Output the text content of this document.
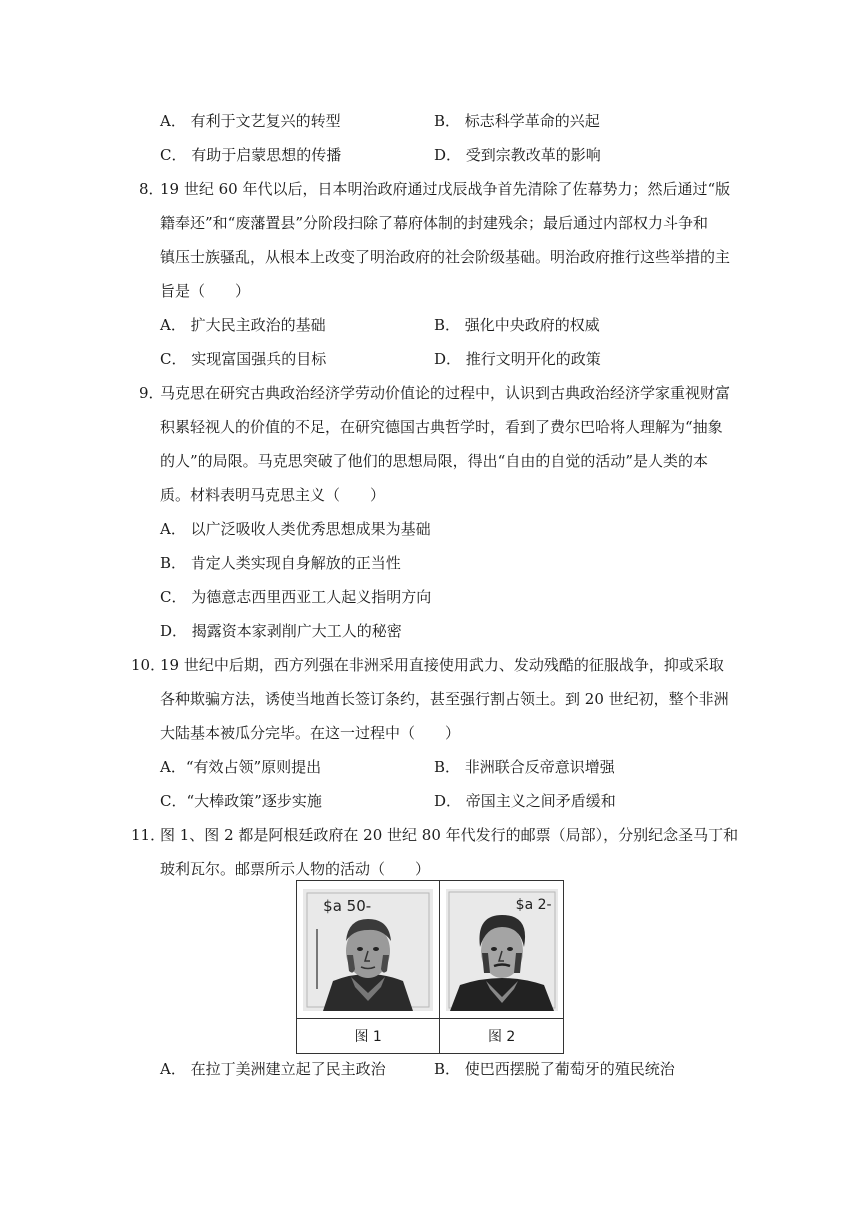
A． 有利于文艺复兴的转型	B． 标志科学革命的兴起
C． 有助于启蒙思想的传播	D． 受到宗教改革的影响
8．
19 世纪 60 年代以后，日本明治政府通过戊辰战争首先清除了佐幕势力；然后通过“版
籍奉还”和“废藩置县”分阶段扫除了幕府体制的封建残余；最后通过内部权力斗争和
镇压士族骚乱，从根本上改变了明治政府的社会阶级基础。明治政府推行这些举措的主
旨是（　　）
A． 扩大民主政治的基础	B． 强化中央政府的权威
C． 实现富国强兵的目标	D． 推行文明开化的政策
9．
马克思在研究古典政治经济学劳动价值论的过程中，认识到古典政治经济学家重视财富
积累轻视人的价值的不足，在研究德国古典哲学时，看到了费尔巴哈将人理解为“抽象
的人”的局限。马克思突破了他们的思想局限，得出“自由的自觉的活动”是人类的本
质。材料表明马克思主义（　　）
A． 以广泛吸收人类优秀思想成果为基础
B． 肯定人类实现自身解放的正当性
C． 为德意志西里西亚工人起义指明方向
D． 揭露资本家剥削广大工人的秘密
10．
19 世纪中后期，西方列强在非洲采用直接使用武力、发动残酷的征服战争，抑或采取
各种欺骗方法，诱使当地酋长签订条约，甚至强行割占领土。到 20 世纪初，整个非洲
大陆基本被瓜分完毕。在这一过程中（　　）
A．“有效占领”原则提出	B． 非洲联合反帝意识增强
C．“大棒政策”逐步实施	D． 帝国主义之间矛盾缓和
11．
图 1、图 2 都是阿根廷政府在 20 世纪 80 年代发行的邮票（局部），分别纪念圣马丁和
玻利瓦尔。邮票所示人物的活动（　　）
$a 50-	$a 2-

图 1	图 2
A． 在拉丁美洲建立起了民主政治	B． 使巴西摆脱了葡萄牙的殖民统治
